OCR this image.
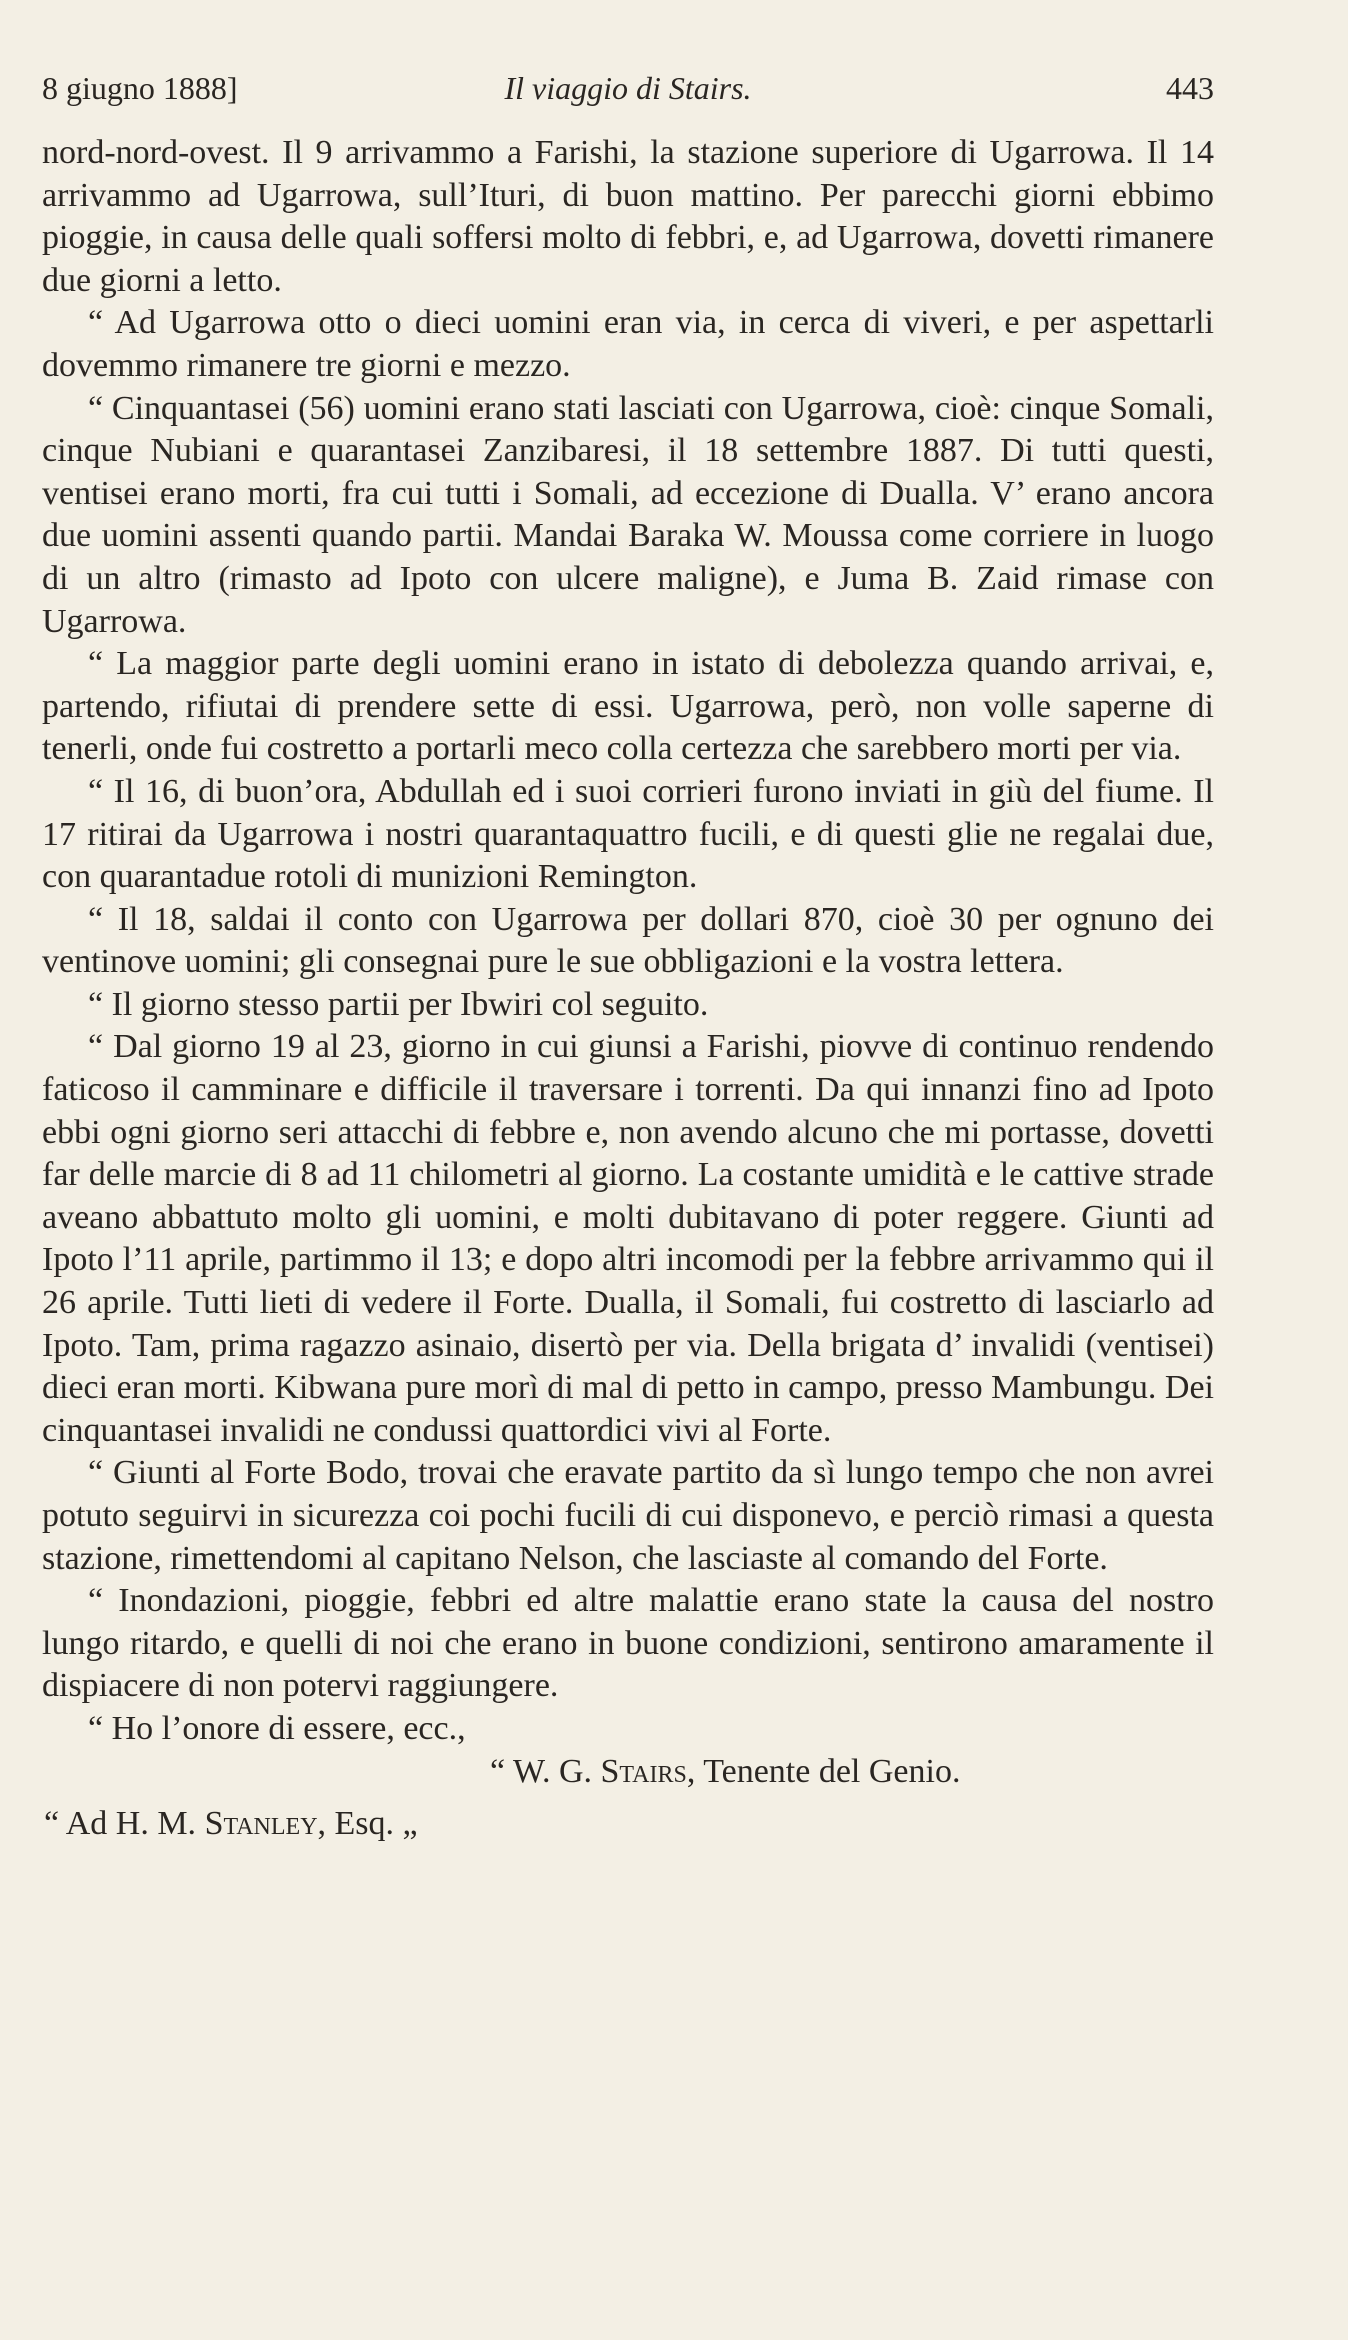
8 giugno 1888]	Il viaggio di Stairs.	443

nord-nord-ovest. Il 9 arrivammo a Farishi, la stazione superiore di Ugarrowa. Il 14 arrivammo ad Ugarrowa, sull’Ituri, di buon mattino. Per parecchi giorni ebbimo pioggie, in causa delle quali soffersi molto di febbri, e, ad Ugarrowa, dovetti rimanere due giorni a letto.

“ Ad Ugarrowa otto o dieci uomini eran via, in cerca di viveri, e per aspettarli dovemmo rimanere tre giorni e mezzo.

“ Cinquantasei (56) uomini erano stati lasciati con Ugarrowa, cioè: cinque Somali, cinque Nubiani e quarantasei Zanzibaresi, il 18 settembre 1887. Di tutti questi, ventisei erano morti, fra cui tutti i Somali, ad eccezione di Dualla. V’ erano ancora due uomini assenti quando partii. Mandai Baraka W. Moussa come corriere in luogo di un altro (rimasto ad Ipoto con ulcere maligne), e Juma B. Zaid rimase con Ugarrowa.

“ La maggior parte degli uomini erano in istato di debolezza quando arrivai, e, partendo, rifiutai di prendere sette di essi. Ugarrowa, però, non volle saperne di tenerli, onde fui costretto a portarli meco colla certezza che sarebbero morti per via.

“ Il 16, di buon’ora, Abdullah ed i suoi corrieri furono inviati in giù del fiume. Il 17 ritirai da Ugarrowa i nostri quarantaquattro fucili, e di questi glie ne regalai due, con quarantadue rotoli di munizioni Remington.

“ Il 18, saldai il conto con Ugarrowa per dollari 870, cioè 30 per ognuno dei ventinove uomini; gli consegnai pure le sue obbligazioni e la vostra lettera.

“ Il giorno stesso partii per Ibwiri col seguito.

“ Dal giorno 19 al 23, giorno in cui giunsi a Farishi, piovve di continuo rendendo faticoso il camminare e difficile il traversare i torrenti. Da qui innanzi fino ad Ipoto ebbi ogni giorno seri attacchi di febbre e, non avendo alcuno che mi portasse, dovetti far delle marcie di 8 ad 11 chilometri al giorno. La costante umidità e le cattive strade aveano abbattuto molto gli uomini, e molti dubitavano di poter reggere. Giunti ad Ipoto l’11 aprile, partimmo il 13; e dopo altri incomodi per la febbre arrivammo qui il 26 aprile. Tutti lieti di vedere il Forte. Dualla, il Somali, fui costretto di lasciarlo ad Ipoto. Tam, prima ragazzo asinaio, disertò per via. Della brigata d’ invalidi (ventisei) dieci eran morti. Kibwana pure morì di mal di petto in campo, presso Mambungu. Dei cinquantasei invalidi ne condussi quattordici vivi al Forte.

“ Giunti al Forte Bodo, trovai che eravate partito da sì lungo tempo che non avrei potuto seguirvi in sicurezza coi pochi fucili di cui disponevo, e perciò rimasi a questa stazione, rimettendomi al capitano Nelson, che lasciaste al comando del Forte.

“ Inondazioni, pioggie, febbri ed altre malattie erano state la causa del nostro lungo ritardo, e quelli di noi che erano in buone condizioni, sentirono amaramente il dispiacere di non potervi raggiungere.

“ Ho l’onore di essere, ecc.,

“ W. G. Stairs, Tenente del Genio.

“ Ad H. M. Stanley, Esq. „
